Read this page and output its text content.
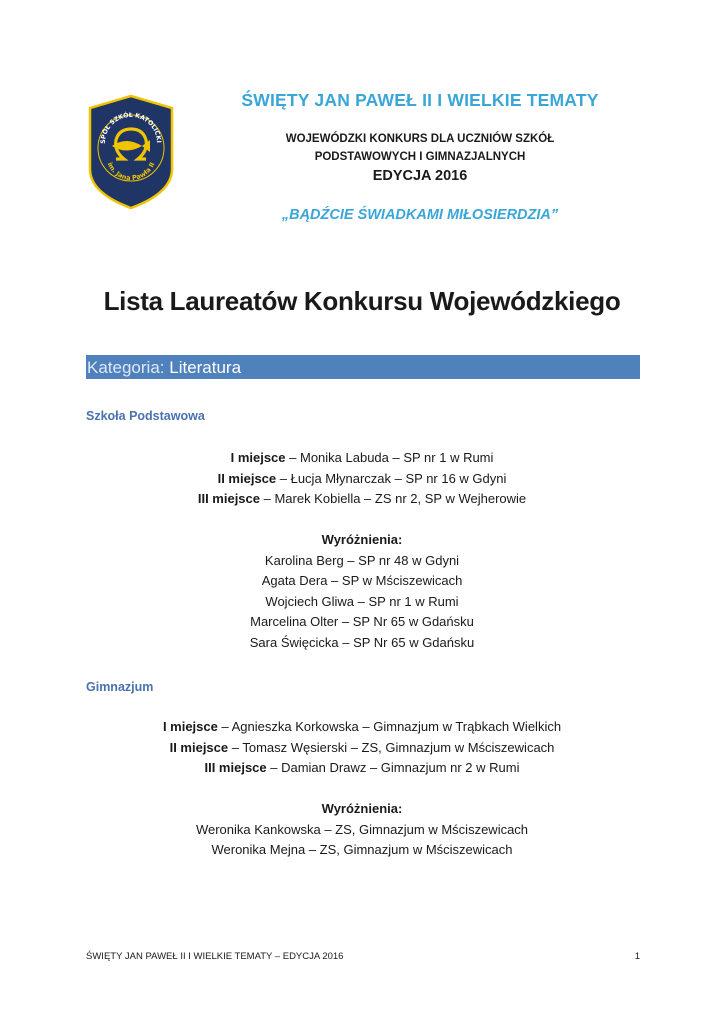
SPÓŁ SZKÓŁ KATOLICKI
im. Jana Pawła II
ŚWIĘTY JAN PAWEŁ II I WIELKIE TEMATY
WOJEWÓDZKI KONKURS DLA UCZNIÓW SZKÓŁ
PODSTAWOWYCH I GIMNAZJALNYCH
EDYCJA 2016
„BĄDŹCIE ŚWIADKAMI MIŁOSIERDZIA”
Lista Laureatów Konkursu Wojewódzkiego
Kategoria: Literatura
Szkoła Podstawowa
I miejsce – Monika Labuda – SP nr 1 w Rumi
II miejsce – Łucja Młynarczak – SP nr 16 w Gdyni
III miejsce – Marek Kobiella – ZS nr 2, SP w Wejherowie
Wyróżnienia:
Karolina Berg – SP nr 48 w Gdyni
Agata Dera – SP w Mściszewicach
Wojciech Gliwa – SP nr 1 w Rumi
Marcelina Olter – SP Nr 65 w Gdańsku
Sara Święcicka – SP Nr 65 w Gdańsku
Gimnazjum
I miejsce – Agnieszka Korkowska – Gimnazjum w Trąbkach Wielkich
II miejsce – Tomasz Węsierski – ZS, Gimnazjum w Mściszewicach
III miejsce – Damian Drawz – Gimnazjum nr 2 w Rumi
Wyróżnienia:
Weronika Kankowska – ZS, Gimnazjum w Mściszewicach
Weronika Mejna – ZS, Gimnazjum w Mściszewicach
ŚWIĘTY JAN PAWEŁ II I WIELKIE TEMATY – EDYCJA 2016	1
